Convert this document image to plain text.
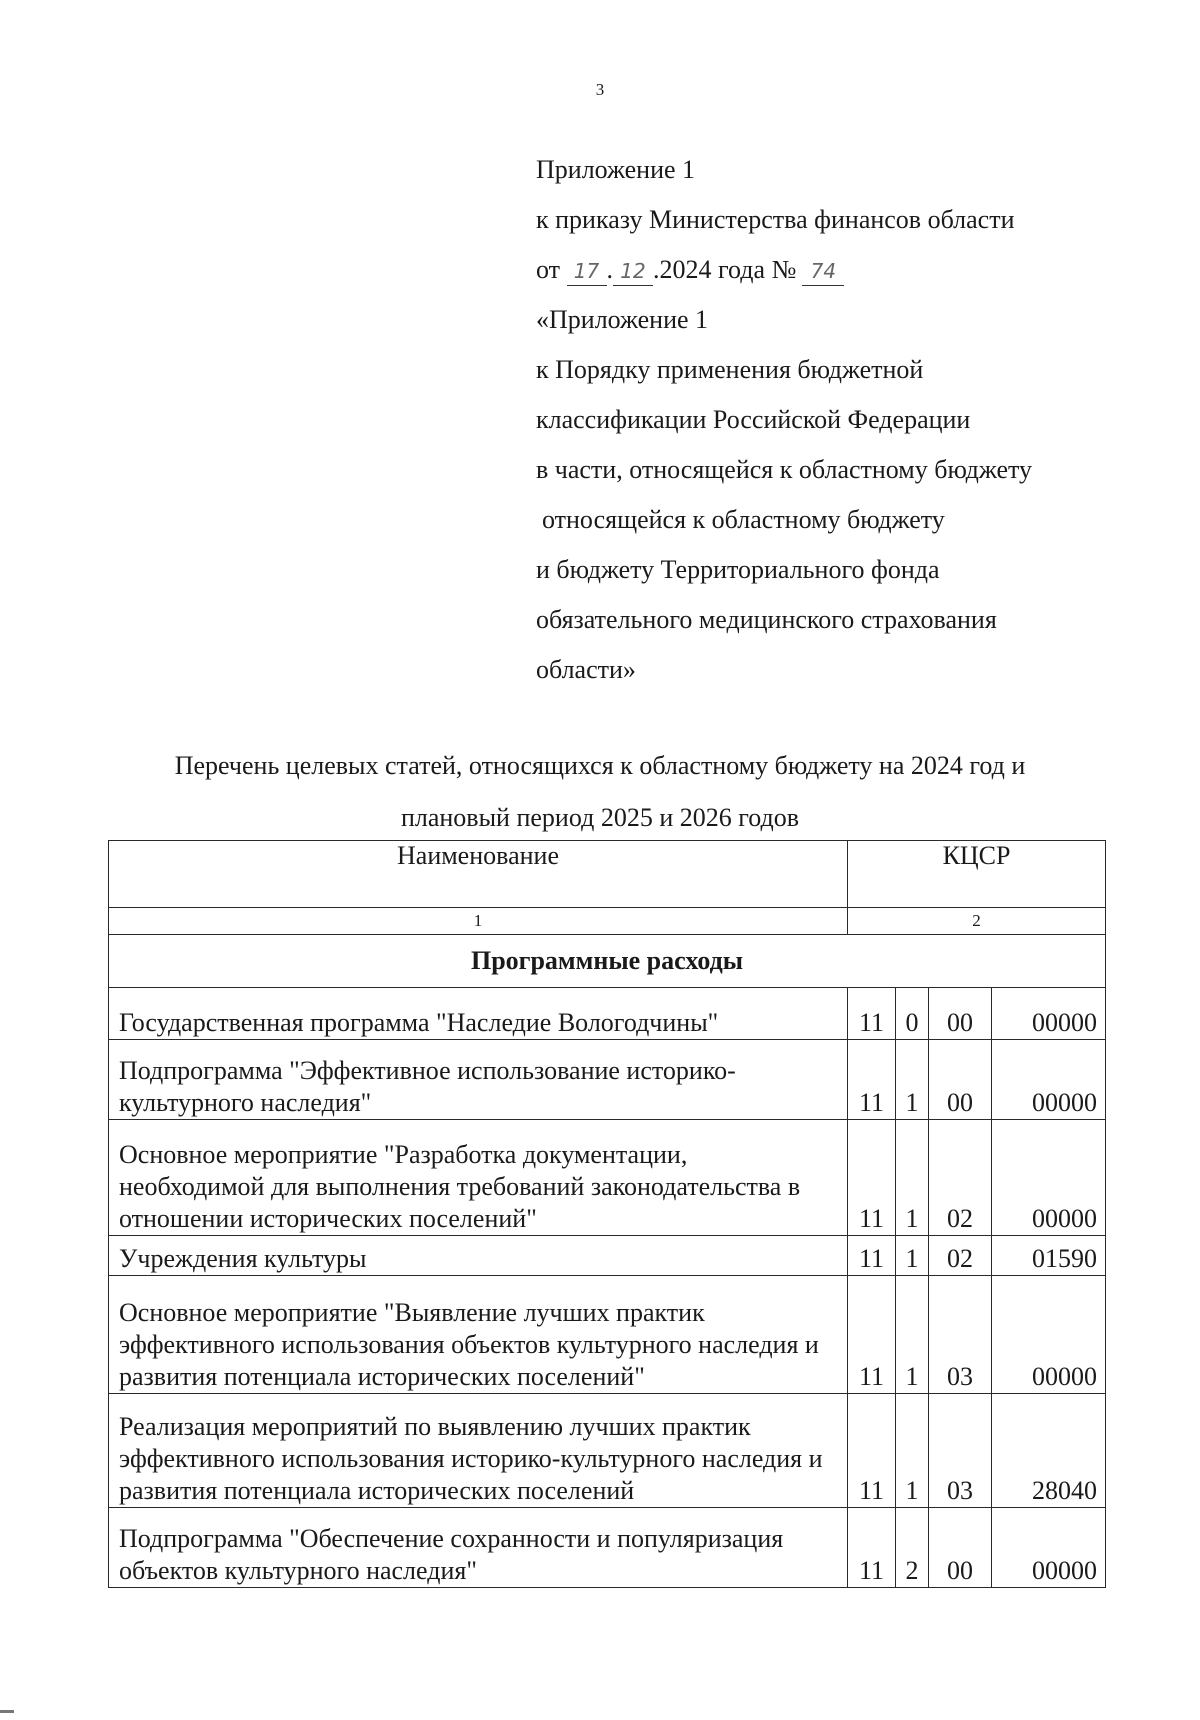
3
Приложение 1
к приказу Министерства финансов области
от 17 . 12 .2024 года № 74
«Приложение 1
к Порядку применения бюджетной
классификации Российской Федерации
в части, относящейся к областному бюджету
относящейся к областному бюджету
и бюджету Территориального фонда
обязательного медицинского страхования
области»
Перечень целевых статей, относящихся к областному бюджету на 2024 год и
плановый период 2025 и 2026 годов
Наименование	КЦСР			
1	2			
Программные расходы				
Государственная программа "Наследие Вологодчины"	11	0	00	00000
Подпрограмма "Эффективное использование историко-культурного наследия"	11	1	00	00000
Основное мероприятие "Разработка документации, необходимой для выполнения требований законодательства в отношении исторических поселений"	11	1	02	00000
Учреждения культуры	11	1	02	01590
Основное мероприятие "Выявление лучших практик эффективного использования объектов культурного наследия и развития потенциала исторических поселений"	11	1	03	00000
Реализация мероприятий по выявлению лучших практик эффективного использования историко-культурного наследия и развития потенциала исторических поселений	11	1	03	28040
Подпрограмма "Обеспечение сохранности и популяризация объектов культурного наследия"	11	2	00	00000
